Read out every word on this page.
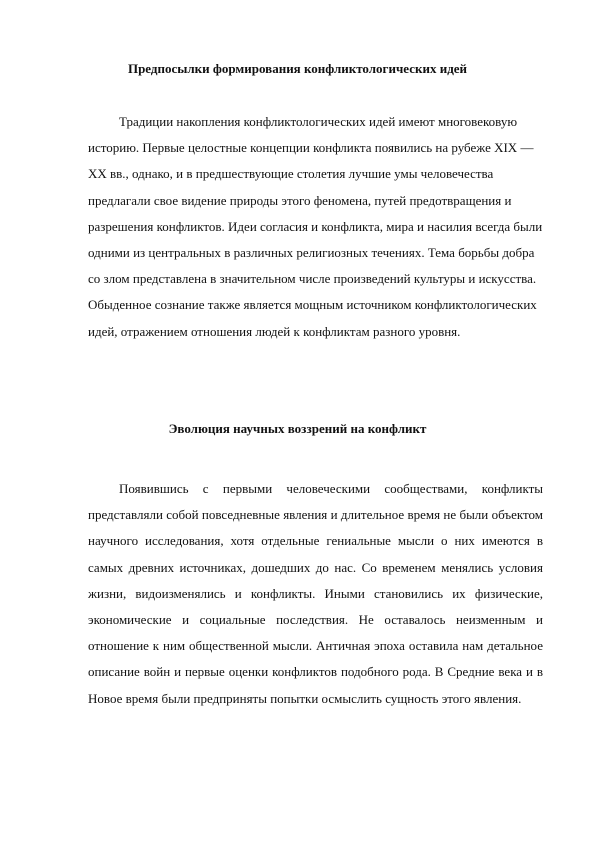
Предпосылки формирования конфликтологических идей

Традиции накопления конфликтологических идей имеют многовековую историю. Первые целостные концепции конфликта появились на рубеже XIX —XX вв., однако, и в предшествующие столетия лучшие умы человечества предлагали свое видение природы этого феномена, путей предотвращения и разрешения конфликтов. Идеи согласия и конфликта, мира и насилия всегда были одними из центральных в различных религиозных течениях. Тема борьбы добра со злом представлена в значительном числе произведений культуры и искусства. Обыденное сознание также является мощным источником конфликтологических идей, отражением отношения людей к конфликтам разного уровня.

Эволюция научных воззрений на конфликт

Появившись с первыми человеческими сообществами, конфликты представляли собой повседневные явления и длительное время не были объектом научного исследования, хотя отдельные гениальные мысли о них имеются в самых древних источниках, дошедших до нас. Со временем менялись условия жизни, видоизменялись и конфликты. Иными становились их физические, экономические и социальные последствия. Не оставалось неизменным и отношение к ним общественной мысли. Античная эпоха оставила нам детальное описание войн и первые оценки конфликтов подобного рода. В Средние века и в Новое время были предприняты попытки осмыслить сущность этого явления.
